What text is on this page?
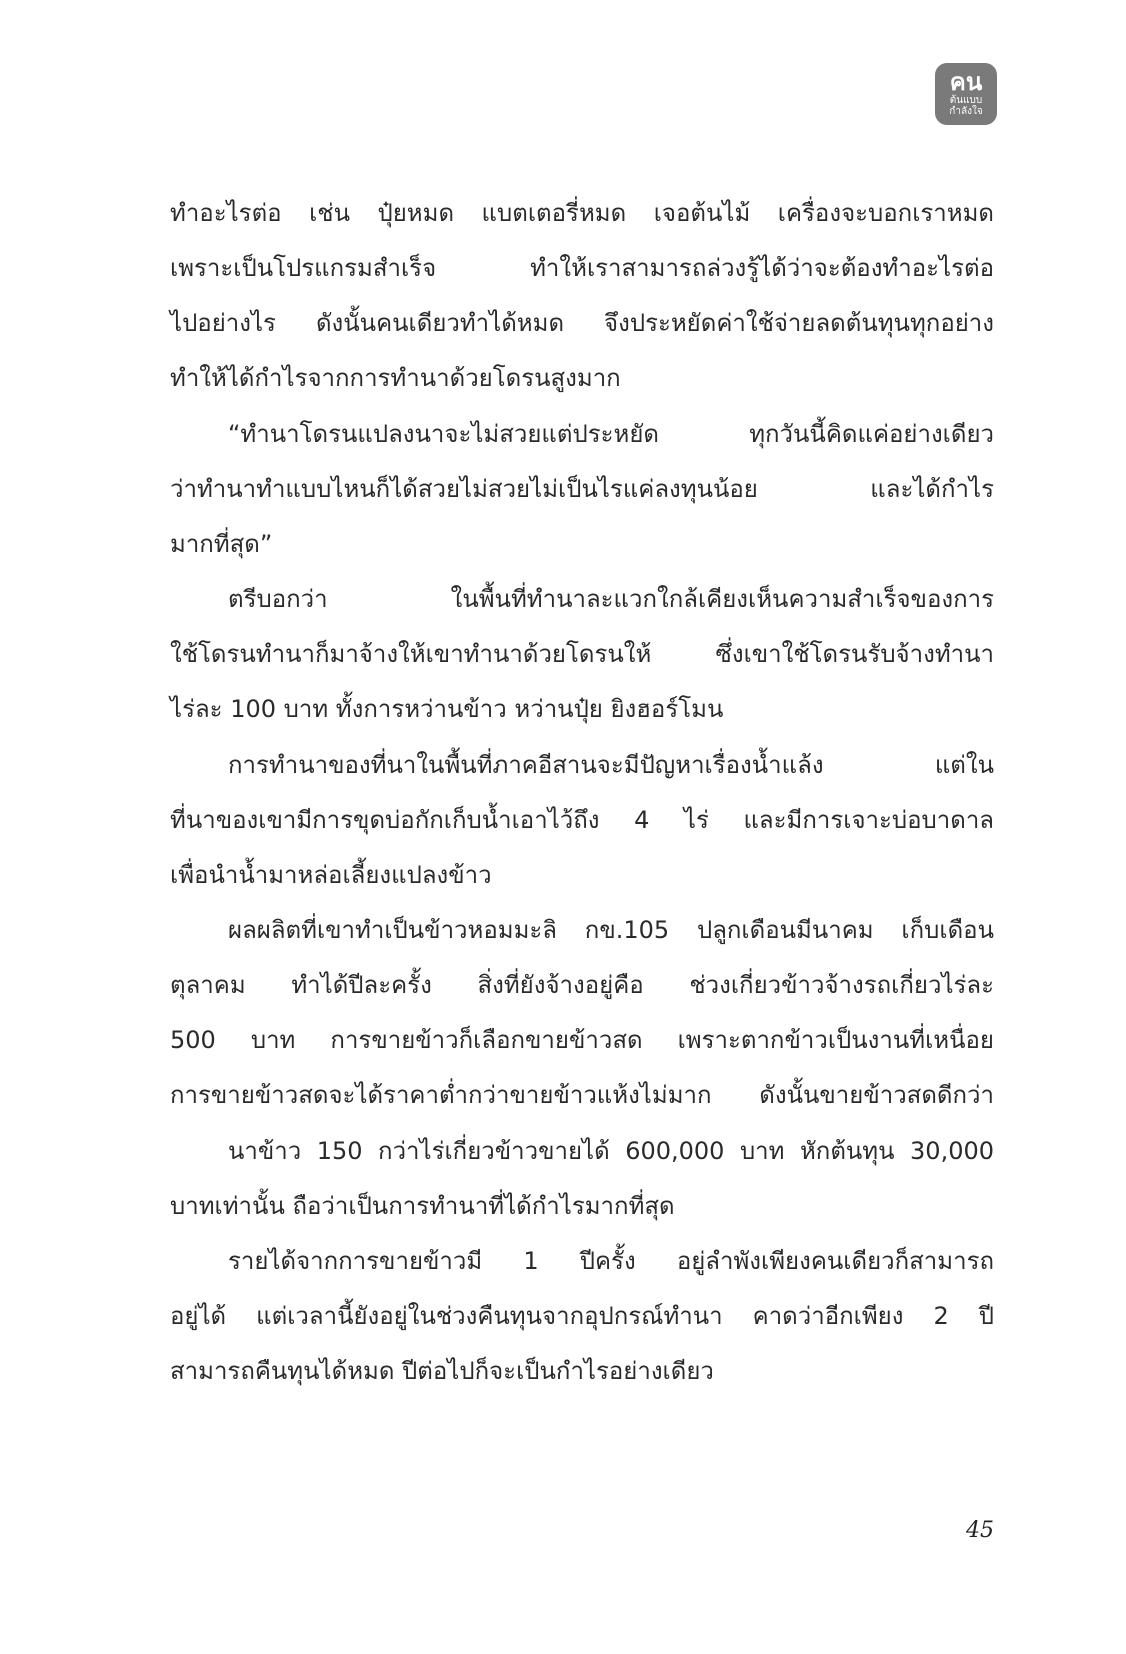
คน
ต้นแบบ
กำลังใจ
ทำอะไรต่อ เช่น ปุ๋ยหมด แบตเตอรี่หมด เจอต้นไม้ เครื่องจะบอกเราหมด
เพราะเป็นโปรแกรมสำเร็จ ทำให้เราสามารถล่วงรู้ได้ว่าจะต้องทำอะไรต่อ
ไปอย่างไร ดังนั้นคนเดียวทำได้หมด จึงประหยัดค่าใช้จ่ายลดต้นทุนทุกอย่าง
ทำให้ได้กำไรจากการทำนาด้วยโดรนสูงมาก
“ทำนาโดรนแปลงนาจะไม่สวยแต่ประหยัด ทุกวันนี้คิดแค่อย่างเดียว
ว่าทำนาทำแบบไหนก็ได้สวยไม่สวยไม่เป็นไรแค่ลงทุนน้อย และได้กำไร
มากที่สุด”
ตรีบอกว่า ในพื้นที่ทำนาละแวกใกล้เคียงเห็นความสำเร็จของการ
ใช้โดรนทำนาก็มาจ้างให้เขาทำนาด้วยโดรนให้ ซึ่งเขาใช้โดรนรับจ้างทำนา
ไร่ละ 100 บาท ทั้งการหว่านข้าว หว่านปุ๋ย ยิงฮอร์โมน
การทำนาของที่นาในพื้นที่ภาคอีสานจะมีปัญหาเรื่องน้ำแล้ง แต่ใน
ที่นาของเขามีการขุดบ่อกักเก็บน้ำเอาไว้ถึง 4 ไร่ และมีการเจาะบ่อบาดาล
เพื่อนำน้ำมาหล่อเลี้ยงแปลงข้าว
ผลผลิตที่เขาทำเป็นข้าวหอมมะลิ กข.105 ปลูกเดือนมีนาคม เก็บเดือน
ตุลาคม ทำได้ปีละครั้ง สิ่งที่ยังจ้างอยู่คือ ช่วงเกี่ยวข้าวจ้างรถเกี่ยวไร่ละ
500 บาท การขายข้าวก็เลือกขายข้าวสด เพราะตากข้าวเป็นงานที่เหนื่อย
การขายข้าวสดจะได้ราคาต่ำกว่าขายข้าวแห้งไม่มาก ดังนั้นขายข้าวสดดีกว่า
นาข้าว 150 กว่าไร่เกี่ยวข้าวขายได้ 600,000 บาท หักต้นทุน 30,000
บาทเท่านั้น ถือว่าเป็นการทำนาที่ได้กำไรมากที่สุด
รายได้จากการขายข้าวมี 1 ปีครั้ง อยู่ลำพังเพียงคนเดียวก็สามารถ
อยู่ได้ แต่เวลานี้ยังอยู่ในช่วงคืนทุนจากอุปกรณ์ทำนา คาดว่าอีกเพียง 2 ปี
สามารถคืนทุนได้หมด ปีต่อไปก็จะเป็นกำไรอย่างเดียว
45
